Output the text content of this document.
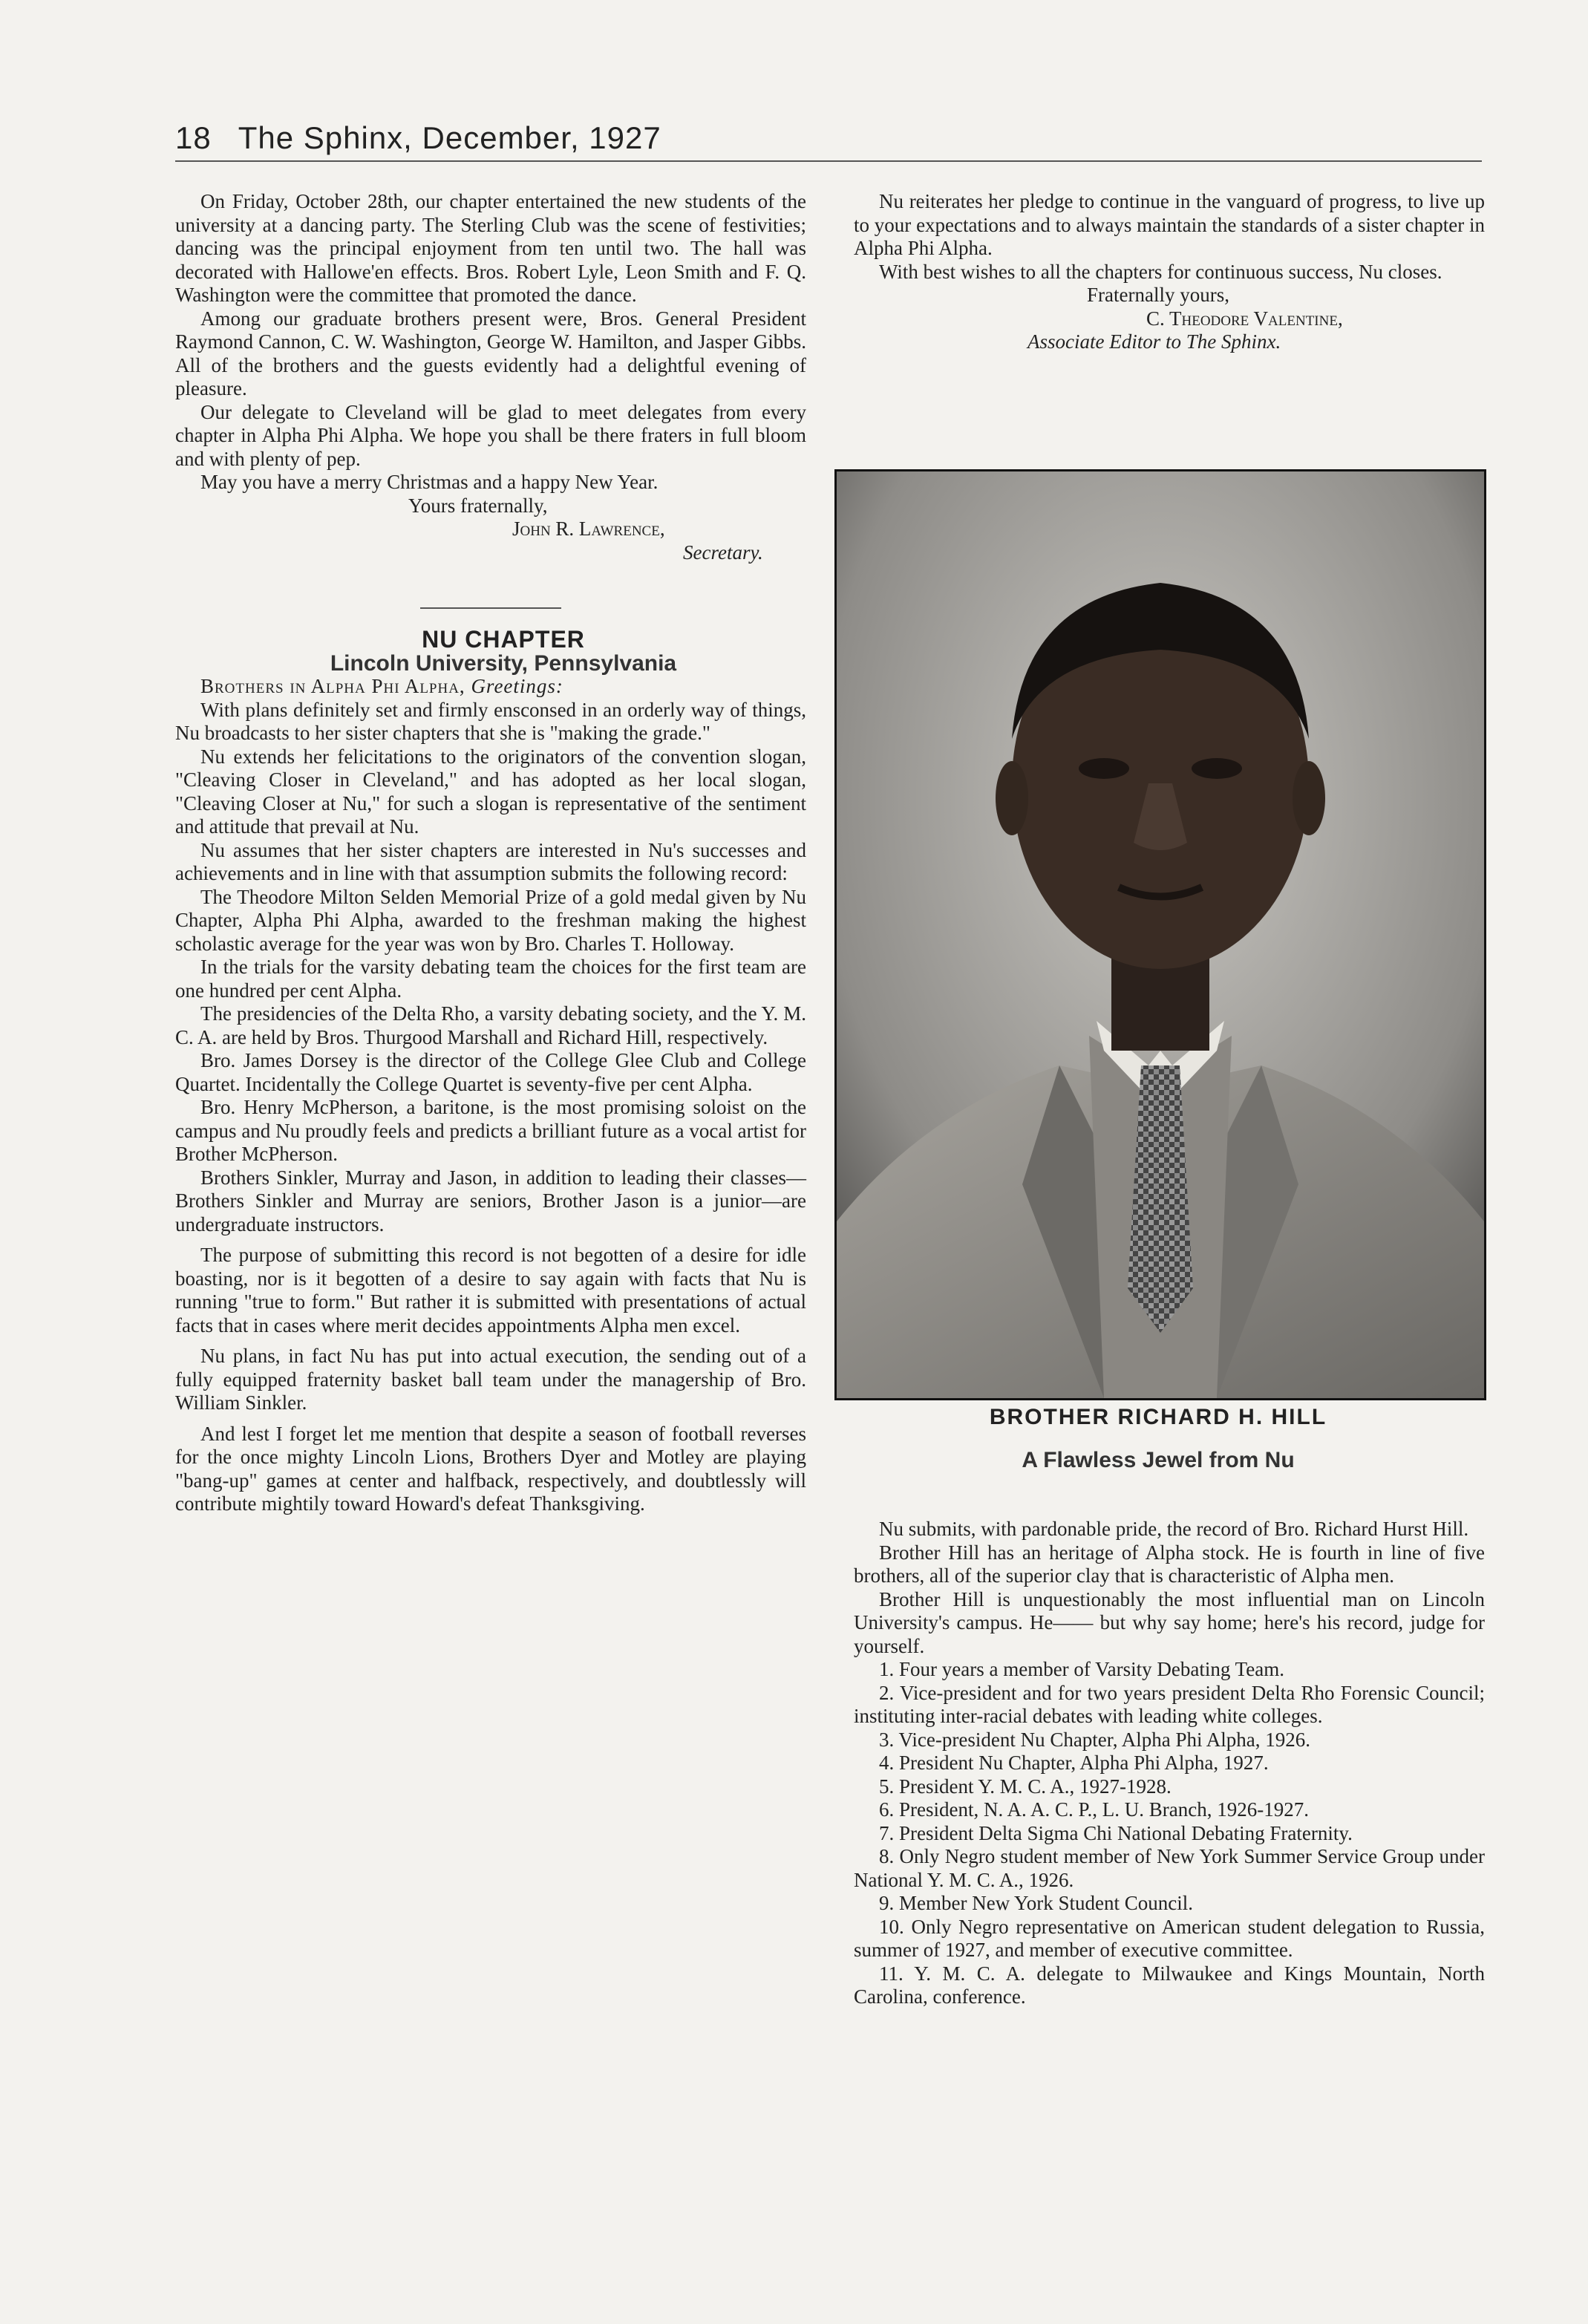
18 The Sphinx, December, 1927

On Friday, October 28th, our chapter entertained the new students of the university at a dancing party. The Sterling Club was the scene of festivities; dancing was the principal enjoyment from ten until two. The hall was decorated with Hallowe'en effects. Bros. Robert Lyle, Leon Smith and F. Q. Washington were the committee that promoted the dance.

Among our graduate brothers present were, Bros. General President Raymond Cannon, C. W. Washington, George W. Hamilton, and Jasper Gibbs. All of the brothers and the guests evidently had a delightful evening of pleasure.

Our delegate to Cleveland will be glad to meet delegates from every chapter in Alpha Phi Alpha. We hope you shall be there fraters in full bloom and with plenty of pep.

May you have a merry Christmas and a happy New Year.

Yours fraternally,

John R. Lawrence,

Secretary.

NU CHAPTER

Lincoln University, Pennsylvania

Brothers in Alpha Phi Alpha, Greetings:

With plans definitely set and firmly ensconsed in an orderly way of things, Nu broadcasts to her sister chapters that she is "making the grade."

Nu extends her felicitations to the originators of the convention slogan, "Cleaving Closer in Cleveland," and has adopted as her local slogan, "Cleaving Closer at Nu," for such a slogan is representative of the sentiment and attitude that prevail at Nu.

Nu assumes that her sister chapters are interested in Nu's successes and achievements and in line with that assumption submits the following record:

The Theodore Milton Selden Memorial Prize of a gold medal given by Nu Chapter, Alpha Phi Alpha, awarded to the freshman making the highest scholastic average for the year was won by Bro. Charles T. Holloway.

In the trials for the varsity debating team the choices for the first team are one hundred per cent Alpha.

The presidencies of the Delta Rho, a varsity debating society, and the Y. M. C. A. are held by Bros. Thurgood Marshall and Richard Hill, respectively.

Bro. James Dorsey is the director of the College Glee Club and College Quartet. Incidentally the College Quartet is seventy-five per cent Alpha.

Bro. Henry McPherson, a baritone, is the most promising soloist on the campus and Nu proudly feels and predicts a brilliant future as a vocal artist for Brother McPherson.

Brothers Sinkler, Murray and Jason, in addition to leading their classes—Brothers Sinkler and Murray are seniors, Brother Jason is a junior—are undergraduate instructors.

The purpose of submitting this record is not begotten of a desire for idle boasting, nor is it begotten of a desire to say again with facts that Nu is running "true to form." But rather it is submitted with presentations of actual facts that in cases where merit decides appointments Alpha men excel.

Nu plans, in fact Nu has put into actual execution, the sending out of a fully equipped fraternity basket ball team under the managership of Bro. William Sinkler.

And lest I forget let me mention that despite a season of football reverses for the once mighty Lincoln Lions, Brothers Dyer and Motley are playing "bang-up" games at center and halfback, respectively, and doubtlessly will contribute mightily toward Howard's defeat Thanksgiving.

Nu reiterates her pledge to continue in the vanguard of progress, to live up to your expectations and to always maintain the standards of a sister chapter in Alpha Phi Alpha.

With best wishes to all the chapters for continuous success, Nu closes.

Fraternally yours,

C. Theodore Valentine,

Associate Editor to The Sphinx.

BROTHER RICHARD H. HILL
A Flawless Jewel from Nu

Nu submits, with pardonable pride, the record of Bro. Richard Hurst Hill.

Brother Hill has an heritage of Alpha stock. He is fourth in line of five brothers, all of the superior clay that is characteristic of Alpha men.

Brother Hill is unquestionably the most influential man on Lincoln University's campus. He—— but why say home; here's his record, judge for yourself.

1. Four years a member of Varsity Debating Team.

2. Vice-president and for two years president Delta Rho Forensic Council; instituting inter-racial debates with leading white colleges.

3. Vice-president Nu Chapter, Alpha Phi Alpha, 1926.

4. President Nu Chapter, Alpha Phi Alpha, 1927.

5. President Y. M. C. A., 1927-1928.

6. President, N. A. A. C. P., L. U. Branch, 1926-1927.

7. President Delta Sigma Chi National Debating Fraternity.

8. Only Negro student member of New York Summer Service Group under National Y. M. C. A., 1926.

9. Member New York Student Council.

10. Only Negro representative on American student delegation to Russia, summer of 1927, and member of executive committee.

11. Y. M. C. A. delegate to Milwaukee and Kings Mountain, North Carolina, conference.
